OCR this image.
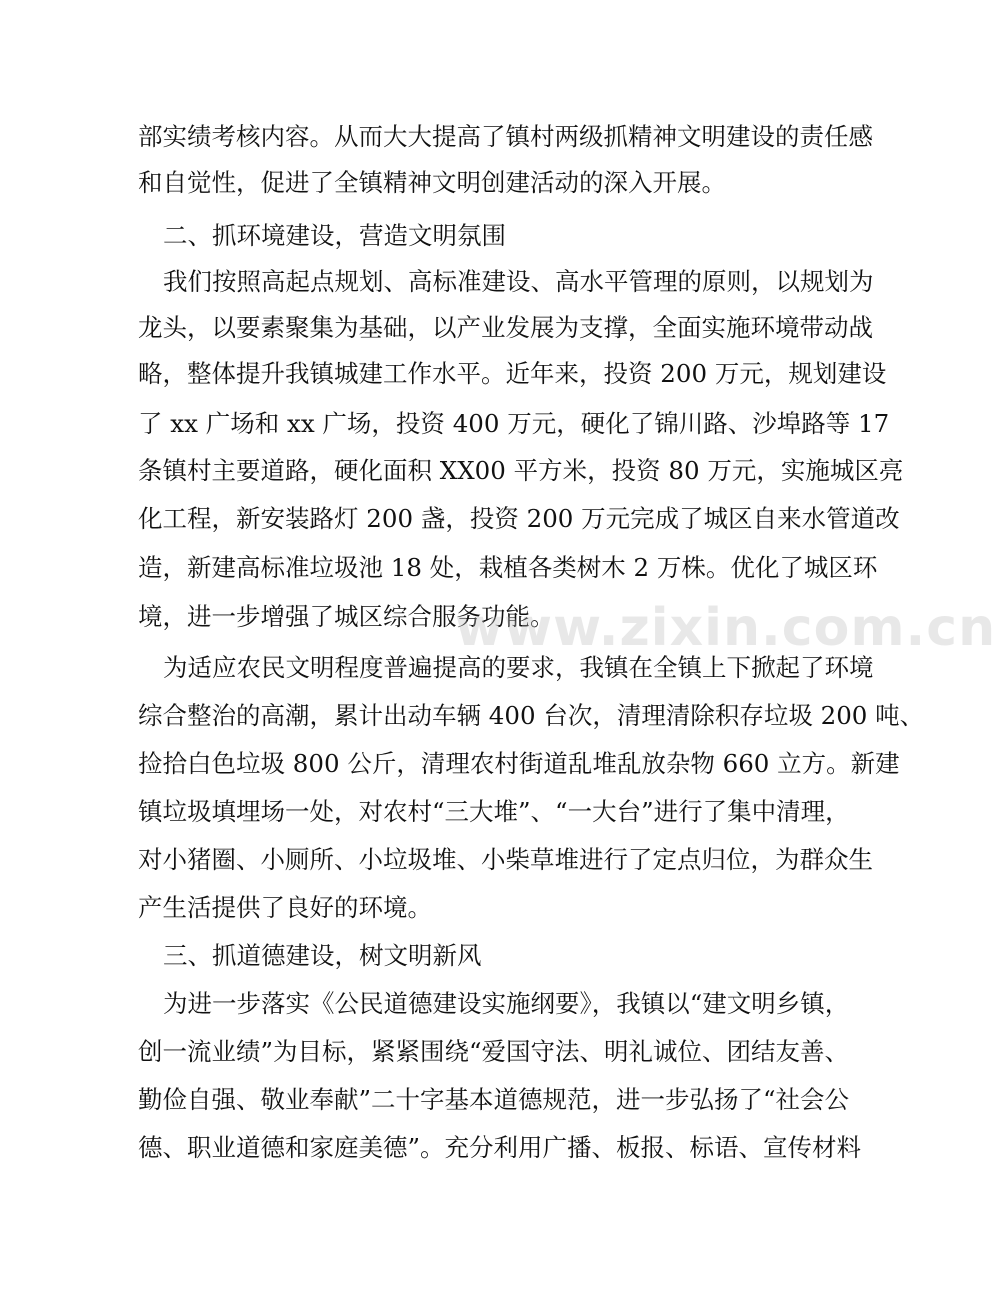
部实绩考核内容。从而大大提高了镇村两级抓精神文明建设的责任感
和自觉性，促进了全镇精神文明创建活动的深入开展。
二、抓环境建设，营造文明氛围
我们按照高起点规划、高标准建设、高水平管理的原则，以规划为
龙头，以要素聚集为基础，以产业发展为支撑，全面实施环境带动战
略，整体提升我镇城建工作水平。近年来，投资 200 万元，规划建设
了 xx 广场和 xx 广场，投资 400 万元，硬化了锦川路、沙埠路等 17
条镇村主要道路，硬化面积 XX00 平方米，投资 80 万元，实施城区亮
化工程，新安装路灯 200 盏，投资 200 万元完成了城区自来水管道改
造，新建高标准垃圾池 18 处，栽植各类树木 2 万株。优化了城区环
境，进一步增强了城区综合服务功能。
为适应农民文明程度普遍提高的要求，我镇在全镇上下掀起了环境
综合整治的高潮，累计出动车辆 400 台次，清理清除积存垃圾 200 吨、
捡拾白色垃圾 800 公斤，清理农村街道乱堆乱放杂物 660 立方。新建
镇垃圾填埋场一处，对农村“三大堆”、“一大台”进行了集中清理，
对小猪圈、小厕所、小垃圾堆、小柴草堆进行了定点归位，为群众生
产生活提供了良好的环境。
三、抓道德建设，树文明新风
为进一步落实《公民道德建设实施纲要》，我镇以“建文明乡镇，
创一流业绩”为目标，紧紧围绕“爱国守法、明礼诚位、团结友善、
勤俭自强、敬业奉献”二十字基本道德规范，进一步弘扬了“社会公
德、职业道德和家庭美德”。充分利用广播、板报、标语、宣传材料
www.zixin.com.cn
